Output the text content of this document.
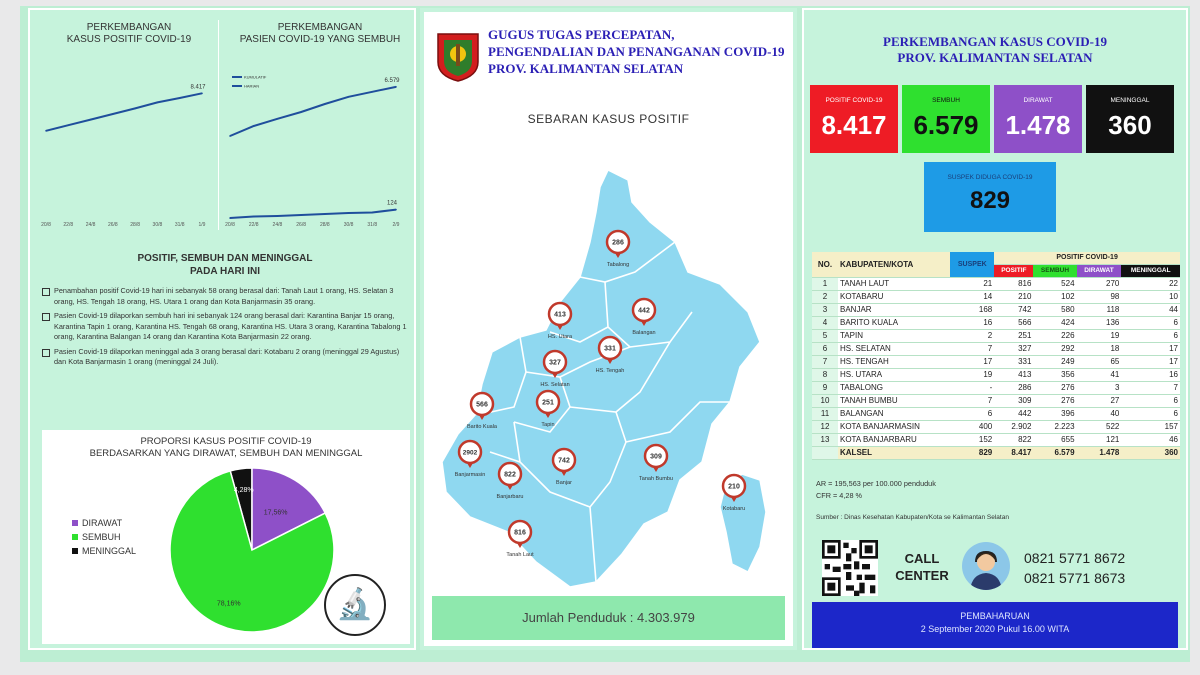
PERKEMBANGAN
KASUS POSITIF COVID-19
20/8	22/8	24/8	26/8	28/8	30/8	31/8	1/9
8.417
PERKEMBANGAN
PASIEN COVID-19 YANG SEMBUH
20/8	22/8	24/8	26/8	28/8	30/8	31/8	2/9
6.579
124
KUMULATIF
HARIAN
POSITIF, SEMBUH DAN MENINGGAL
PADA HARI INI
Penambahan positif Covid-19 hari ini sebanyak 58 orang berasal dari: Tanah Laut 1 orang, HS. Selatan 3 orang, HS. Tengah 18 orang, HS. Utara 1 orang dan Kota Banjarmasin 35 orang.
Pasien Covid-19 dilaporkan sembuh hari ini sebanyak 124 orang berasal dari: Karantina Banjar 15 orang, Karantina Tapin 1 orang, Karantina HS. Tengah 68 orang, Karantina HS. Utara 3 orang, Karantina Tabalong 1 orang, Karantina Balangan 14 orang dan Karantina Kota Banjarmasin 22 orang.
Pasien Covid-19 dilaporkan meninggal ada 3 orang berasal dari: Kotabaru 2 orang (meninggal 29 Agustus) dan Kota Banjarmasin 1 orang (meninggal 24 Juli).
PROPORSI KASUS POSITIF COVID-19
BERDASARKAN YANG DIRAWAT, SEMBUH DAN MENINGGAL
DIRAWAT
SEMBUH
MENINGGAL
17,56%
78,16%
4,28%
🔬
GUGUS TUGAS PERCEPATAN,
PENGENDALIAN DAN PENANGANAN COVID-19
PROV. KALIMANTAN SELATAN
SEBARAN KASUS POSITIF
286
Tabalong
413
HS. Utara
442
Balangan
331
HS. Tengah
327
HS. Selatan
566
Barito Kuala
251
Tapin
2902
Banjarmasin
742
Banjar
822
Banjarbaru
309
Tanah Bumbu
210
Kotabaru
816
Tanah Laut
Jumlah Penduduk : 4.303.979
PERKEMBANGAN KASUS COVID-19
PROV. KALIMANTAN SELATAN
POSITIF COVID-19
8.417
SEMBUH
6.579
DIRAWAT
1.478
MENINGGAL
360
SUSPEK DIDUGA COVID-19
829
NO.	KABUPATEN/KOTA	SUSPEK	POSITIF COVID-19			
			POSITIF	SEMBUH	DIRAWAT	MENINGGAL
1	TANAH LAUT	21	816	524	270	22
2	KOTABARU	14	210	102	98	10
3	BANJAR	168	742	580	118	44
4	BARITO KUALA	16	566	424	136	6
5	TAPIN	2	251	226	19	6
6	HS. SELATAN	7	327	292	18	17
7	HS. TENGAH	17	331	249	65	17
8	HS. UTARA	19	413	356	41	16
9	TABALONG	-	286	276	3	7
10	TANAH BUMBU	7	309	276	27	6
11	BALANGAN	6	442	396	40	6
12	KOTA BANJARMASIN	400	2.902	2.223	522	157
13	KOTA BANJARBARU	152	822	655	121	46
	KALSEL	829	8.417	6.579	1.478	360
AR = 195,563 per 100.000 penduduk
CFR = 4,28 %
Sumber : Dinas Kesehatan Kabupaten/Kota se Kalimantan Selatan
CALL
CENTER
0821 5771 8672
0821 5771 8673
PEMBAHARUAN
2 September 2020 Pukul 16.00 WITA
